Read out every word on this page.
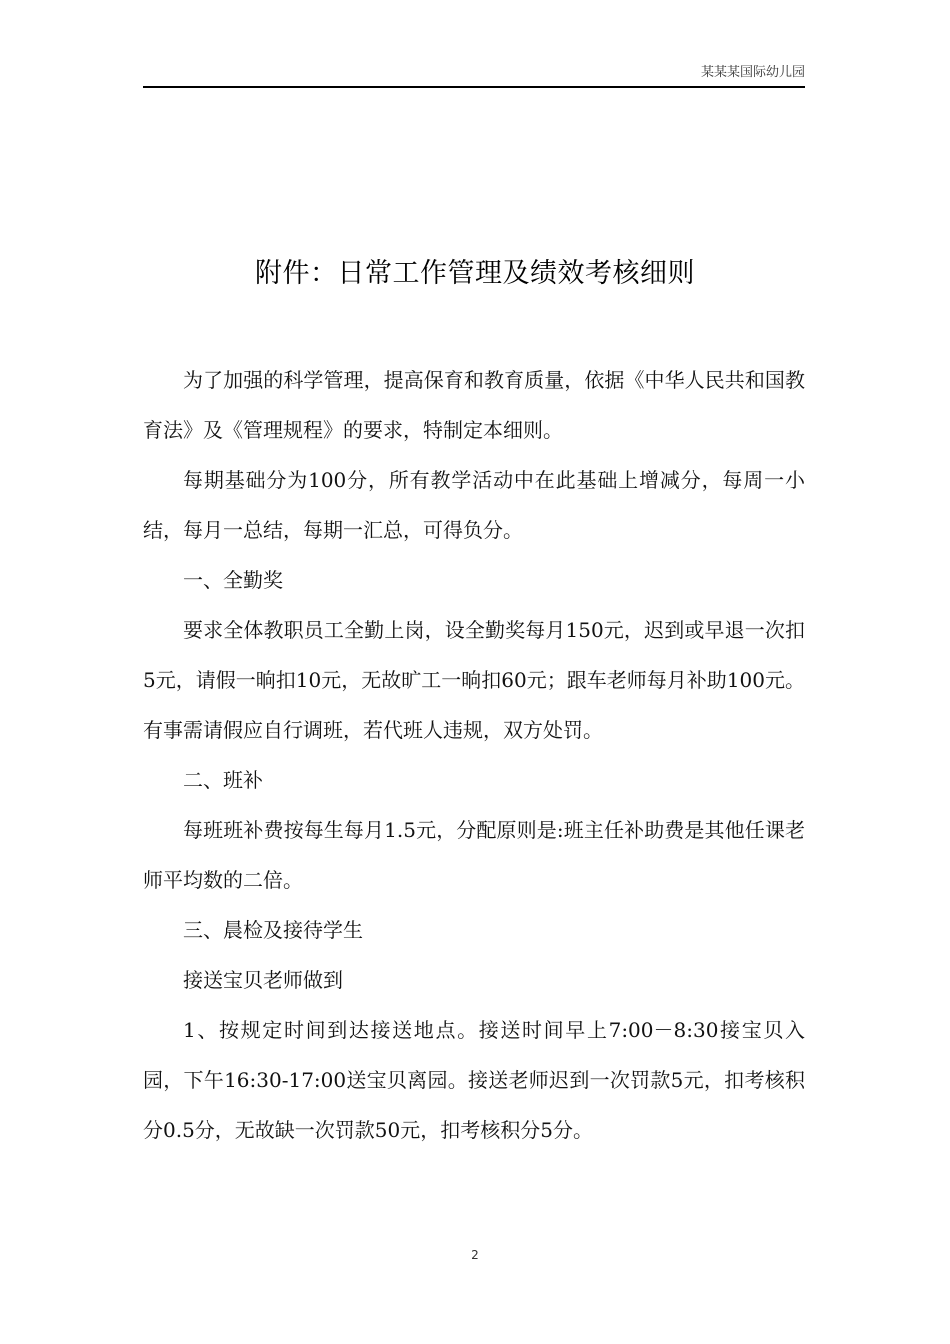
某某某国际幼儿园
附件：日常工作管理及绩效考核细则

为了加强的科学管理，提高保育和教育质量，依据《中华人民共和国教育法》及《管理规程》的要求，特制定本细则。

每期基础分为100分，所有教学活动中在此基础上增减分，每周一小结，每月一总结，每期一汇总，可得负分。

一、全勤奖

要求全体教职员工全勤上岗，设全勤奖每月150元，迟到或早退一次扣5元，请假一晌扣10元，无故旷工一晌扣60元；跟车老师每月补助100元。有事需请假应自行调班，若代班人违规，双方处罚。

二、班补

每班班补费按每生每月1.5元，分配原则是:班主任补助费是其他任课老师平均数的二倍。

三、晨检及接待学生

接送宝贝老师做到

1、按规定时间到达接送地点。接送时间早上7:00－8:30接宝贝入园，下午16:30-17:00送宝贝离园。接送老师迟到一次罚款5元，扣考核积分0.5分，无故缺一次罚款50元，扣考核积分5分。

2
